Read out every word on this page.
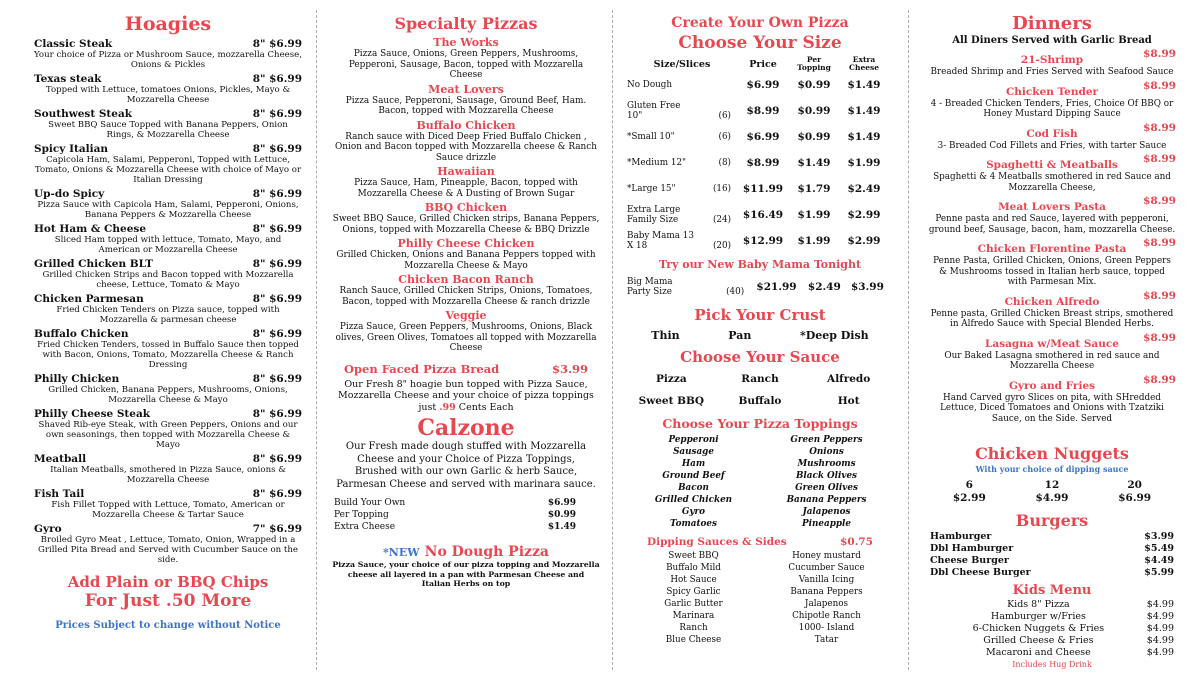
Hoagies
Classic Steak	8" $6.99
Your choice of Pizza or Mushroom Sauce, mozzarella Cheese, Onions & Pickles
Texas steak	8" $6.99
Topped with Lettuce, tomatoes Onions, Pickles, Mayo & Mozzarella Cheese
Southwest Steak	8" $6.99
Sweet BBQ Sauce Topped with Banana Peppers, Onion Rings, & Mozzarella Cheese
Spicy Italian	8" $6.99
Capicola Ham, Salami, Pepperoni, Topped with Lettuce, Tomato, Onions & Mozzarella Cheese with choice of Mayo or Italian Dressing
Up-do Spicy	8" $6.99
Pizza Sauce with Capicola Ham, Salami, Pepperoni, Onions, Banana Peppers & Mozzarella Cheese
Hot Ham & Cheese	8" $6.99
Sliced Ham topped with lettuce, Tomato, Mayo, and American or Mozzarella Cheese
Grilled Chicken BLT	8" $6.99
Grilled Chicken Strips and Bacon topped with Mozzarella cheese, Lettuce, Tomato & Mayo
Chicken Parmesan	8" $6.99
Fried Chicken Tenders on Pizza sauce, topped with Mozzarella & parmesan cheese
Buffalo Chicken	8" $6.99
Fried Chicken Tenders, tossed in Buffalo Sauce then topped with Bacon, Onions, Tomato, Mozzarella Cheese & Ranch Dressing
Philly Chicken	8" $6.99
Grilled Chicken, Banana Peppers, Mushrooms, Onions, Mozzarella Cheese & Mayo
Philly Cheese Steak	8" $6.99
Shaved Rib-eye Steak, with Green Peppers, Onions and our own seasonings, then topped with Mozzarella Cheese & Mayo
Meatball	8" $6.99
Italian Meatballs, smothered in Pizza Sauce, onions & Mozzarella Cheese
Fish Tail	8" $6.99
Fish Fillet Topped with Lettuce, Tomato, American or Mozzarella Cheese & Tartar Sauce
Gyro	7" $6.99
Broiled Gyro Meat , Lettuce, Tomato, Onion, Wrapped in a Grilled Pita Bread and Served with Cucumber Sauce on the side.
Add Plain or BBQ Chips
For Just .50 More
Prices Subject to change without Notice
Specialty Pizzas
The Works
Pizza Sauce, Onions, Green Peppers, Mushrooms, Pepperoni, Sausage, Bacon, topped with Mozzarella Cheese
Meat Lovers
Pizza Sauce, Pepperoni, Sausage, Ground Beef, Ham. Bacon, topped with Mozzarella Cheese
Buffalo Chicken
Ranch sauce with Diced Deep Fried Buffalo Chicken , Onion and Bacon topped with Mozzarella cheese & Ranch Sauce drizzle
Hawaiian
Pizza Sauce, Ham, Pineapple, Bacon, topped with Mozzarella Cheese & A Dusting of Brown Sugar
BBQ Chicken
Sweet BBQ Sauce, Grilled Chicken strips, Banana Peppers, Onions, topped with Mozzarella Cheese & BBQ Drizzle
Philly Cheese Chicken
Grilled Chicken, Onions and Banana Peppers topped with Mozzarella Cheese & Mayo
Chicken Bacon Ranch
Ranch Sauce, Grilled Chicken Strips, Onions, Tomatoes, Bacon, topped with Mozzarella Cheese & ranch drizzle
Veggie
Pizza Sauce, Green Peppers, Mushrooms, Onions, Black olives, Green Olives, Tomatoes all topped with Mozzarella Cheese
Open Faced Pizza Bread	$3.99
Our Fresh 8" hoagie bun topped with Pizza Sauce, Mozzarella Cheese and your choice of pizza toppings
just .99 Cents Each
Calzone
Our Fresh made dough stuffed with Mozzarella Cheese and your Choice of Pizza Toppings, Brushed with our own Garlic & herb Sauce, Parmesan Cheese and served with marinara sauce.
Build Your Own	$6.99
Per Topping	$0.99
Extra Cheese	$1.49
*NEW No Dough Pizza
Pizza Sauce, your choice of our pizza topping and Mozzarella cheese all layered in a pan with Parmesan Cheese and Italian Herbs on top
Create Your Own Pizza
Choose Your Size
Size/Slices	Price	Per Topping	Extra Cheese

No Dough	$6.99	$0.99	$1.49

Gluten Free 10" (6)	$8.99	$0.99	$1.49

*Small 10" (6)	$6.99	$0.99	$1.49

*Medium 12" (8)	$8.99	$1.49	$1.99

*Large 15" (16)	$11.99	$1.79	$2.49

Extra Large Family Size (24)	$16.49	$1.99	$2.99

Baby Mama 13 X 18 (20)	$12.99	$1.99	$2.99
Try our New Baby Mama Tonight
Big Mama Party Size	(40)	$21.99	$2.49	$3.99
Pick Your Crust
Thin	Pan	*Deep Dish
Choose Your Sauce
Pizza	Ranch	Alfredo
Sweet BBQ	Buffalo	Hot
Choose Your Pizza Toppings
Pepperoni
Sausage
Ham
Ground Beef
Bacon
Grilled Chicken
Gyro
Tomatoes
Green Peppers
Onions
Mushrooms
Black Olives
Green Olives
Banana Peppers
Jalapenos
Pineapple
Dipping Sauces & Sides	$0.75
Sweet BBQ
Buffalo Mild
Hot Sauce
Spicy Garlic
Garlic Butter
Marinara
Ranch
Blue Cheese
Honey mustard
Cucumber Sauce
Vanilla Icing
Banana Peppers
Jalapenos
Chipotle Ranch
1000- Island
Tatar
Dinners
All Diners Served with Garlic Bread
21-Shrimp	$8.99
Breaded Shrimp and Fries Served with Seafood Sauce
Chicken Tender	$8.99
4 - Breaded Chicken Tenders, Fries, Choice Of BBQ or Honey Mustard Dipping Sauce
Cod Fish	$8.99
3- Breaded Cod Fillets and Fries, with tarter Sauce
Spaghetti & Meatballs $8.99
Spaghetti & 4 Meatballs smothered in red Sauce and Mozzarella Cheese,
Meat Lovers Pasta	$8.99
Penne pasta and red Sauce, layered with pepperoni, ground beef, Sausage, bacon, ham, mozzarella Cheese.
Chicken Florentine Pasta $8.99
Penne Pasta, Grilled Chicken, Onions, Green Peppers & Mushrooms tossed in Italian herb sauce, topped with Parmesan Mix.
Chicken Alfredo	$8.99
Penne pasta, Grilled Chicken Breast strips, smothered in Alfredo Sauce with Special Blended Herbs.
Lasagna w/Meat Sauce $8.99
Our Baked Lasagna smothered in red sauce and Mozzarella Cheese
Gyro and Fries	$8.99
Hand Carved gyro Slices on pita, with SHredded Lettuce, Diced Tomatoes and Onions with Tzatziki Sauce, on the Side. Served
Chicken Nuggets
With your choice of dipping sauce
6	12	20
$2.99	$4.99	$6.99
Burgers
Hamburger	$3.99
Dbl Hamburger	$5.49
Cheese Burger	$4.49
Dbl Cheese Burger	$5.99
Kids Menu
Kids 8" Pizza	$4.99
Hamburger w/Fries	$4.99
6-Chicken Nuggets & Fries	$4.99
Grilled Cheese & Fries	$4.99
Macaroni and Cheese	$4.99
Includes Hug Drink
